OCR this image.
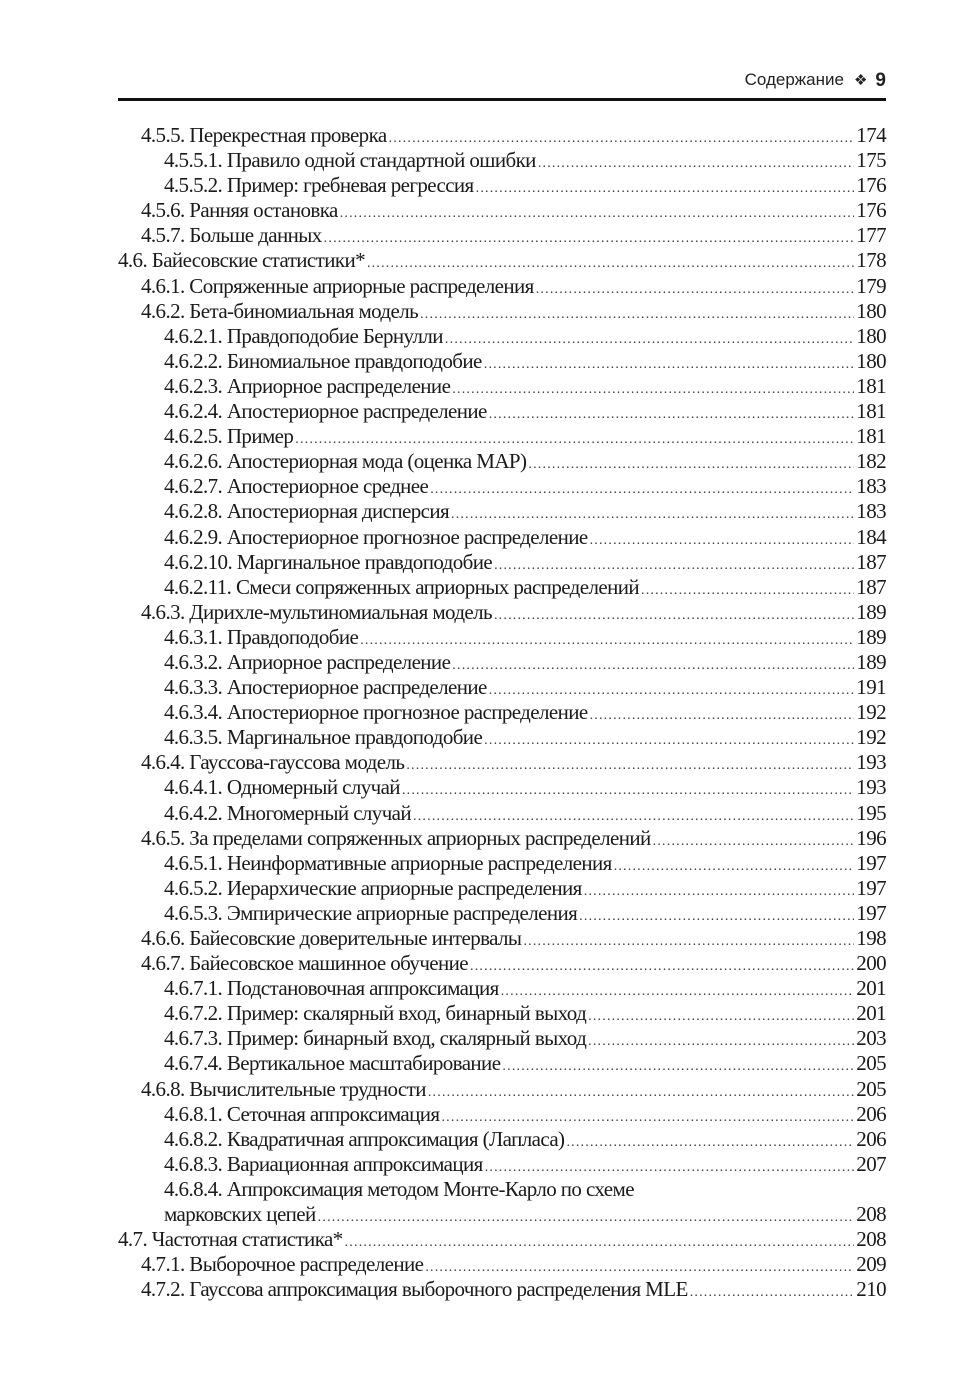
Содержание ❖ 9
4.5.5. Перекрестная проверка .....	174
4.5.5.1. Правило одной стандартной ошибки .....	175
4.5.5.2. Пример: гребневая регрессия .....	176
4.5.6. Ранняя остановка .....	176
4.5.7. Больше данных .....	177
4.6. Байесовские статистики* .....	178
4.6.1. Сопряженные априорные распределения .....	179
4.6.2. Бета-биномиальная модель .....	180
4.6.2.1. Правдоподобие Бернулли .....	180
4.6.2.2. Биномиальное правдоподобие .....	180
4.6.2.3. Априорное распределение .....	181
4.6.2.4. Апостериорное распределение .....	181
4.6.2.5. Пример .....	181
4.6.2.6. Апостериорная мода (оценка MAP) .....	182
4.6.2.7. Апостериорное среднее .....	183
4.6.2.8. Апостериорная дисперсия .....	183
4.6.2.9. Апостериорное прогнозное распределение .....	184
4.6.2.10. Маргинальное правдоподобие .....	187
4.6.2.11. Смеси сопряженных априорных распределений .....	187
4.6.3. Дирихле-мультиномиальная модель .....	189
4.6.3.1. Правдоподобие .....	189
4.6.3.2. Априорное распределение .....	189
4.6.3.3. Апостериорное распределение .....	191
4.6.3.4. Апостериорное прогнозное распределение .....	192
4.6.3.5. Маргинальное правдоподобие .....	192
4.6.4. Гауссова-гауссова модель .....	193
4.6.4.1. Одномерный случай .....	193
4.6.4.2. Многомерный случай .....	195
4.6.5. За пределами сопряженных априорных распределений .....	196
4.6.5.1. Неинформативные априорные распределения .....	197
4.6.5.2. Иерархические априорные распределения .....	197
4.6.5.3. Эмпирические априорные распределения .....	197
4.6.6. Байесовские доверительные интервалы .....	198
4.6.7. Байесовское машинное обучение .....	200
4.6.7.1. Подстановочная аппроксимация .....	201
4.6.7.2. Пример: скалярный вход, бинарный выход .....	201
4.6.7.3. Пример: бинарный вход, скалярный выход .....	203
4.6.7.4. Вертикальное масштабирование .....	205
4.6.8. Вычислительные трудности .....	205
4.6.8.1. Сеточная аппроксимация .....	206
4.6.8.2. Квадратичная аппроксимация (Лапласа) .....	206
4.6.8.3. Вариационная аппроксимация .....	207
4.6.8.4. Аппроксимация методом Монте-Карло по схеме
марковских цепей .....	208
4.7. Частотная статистика* .....	208
4.7.1. Выборочное распределение .....	209
4.7.2. Гауссова аппроксимация выборочного распределения MLE .....	210
